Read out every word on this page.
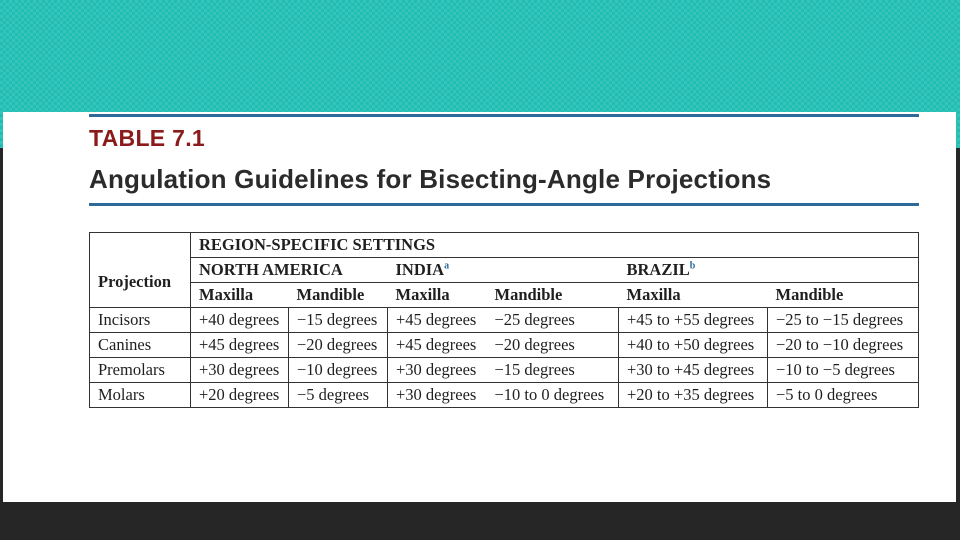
TABLE 7.1
Angulation Guidelines for Bisecting-Angle Projections
	REGION-SPECIFIC SETTINGS					
Projection	NORTH AMERICA		INDIA$^a$		BRAZIL$^b$
	Maxilla	Mandible	Maxilla	Mandible	Maxilla	Mandible
Incisors	+40 degrees	−15 degrees	+45 degrees	−25 degrees	+45 to +55 degrees	−25 to −15 degrees
Canines	+45 degrees	−20 degrees	+45 degrees	−20 degrees	+40 to +50 degrees	−20 to −10 degrees
Premolars	+30 degrees	−10 degrees	+30 degrees	−15 degrees	+30 to +45 degrees	−10 to −5 degrees
Molars	+20 degrees	−5 degrees	+30 degrees	−10 to 0 degrees	+20 to +35 degrees	−5 to 0 degrees
